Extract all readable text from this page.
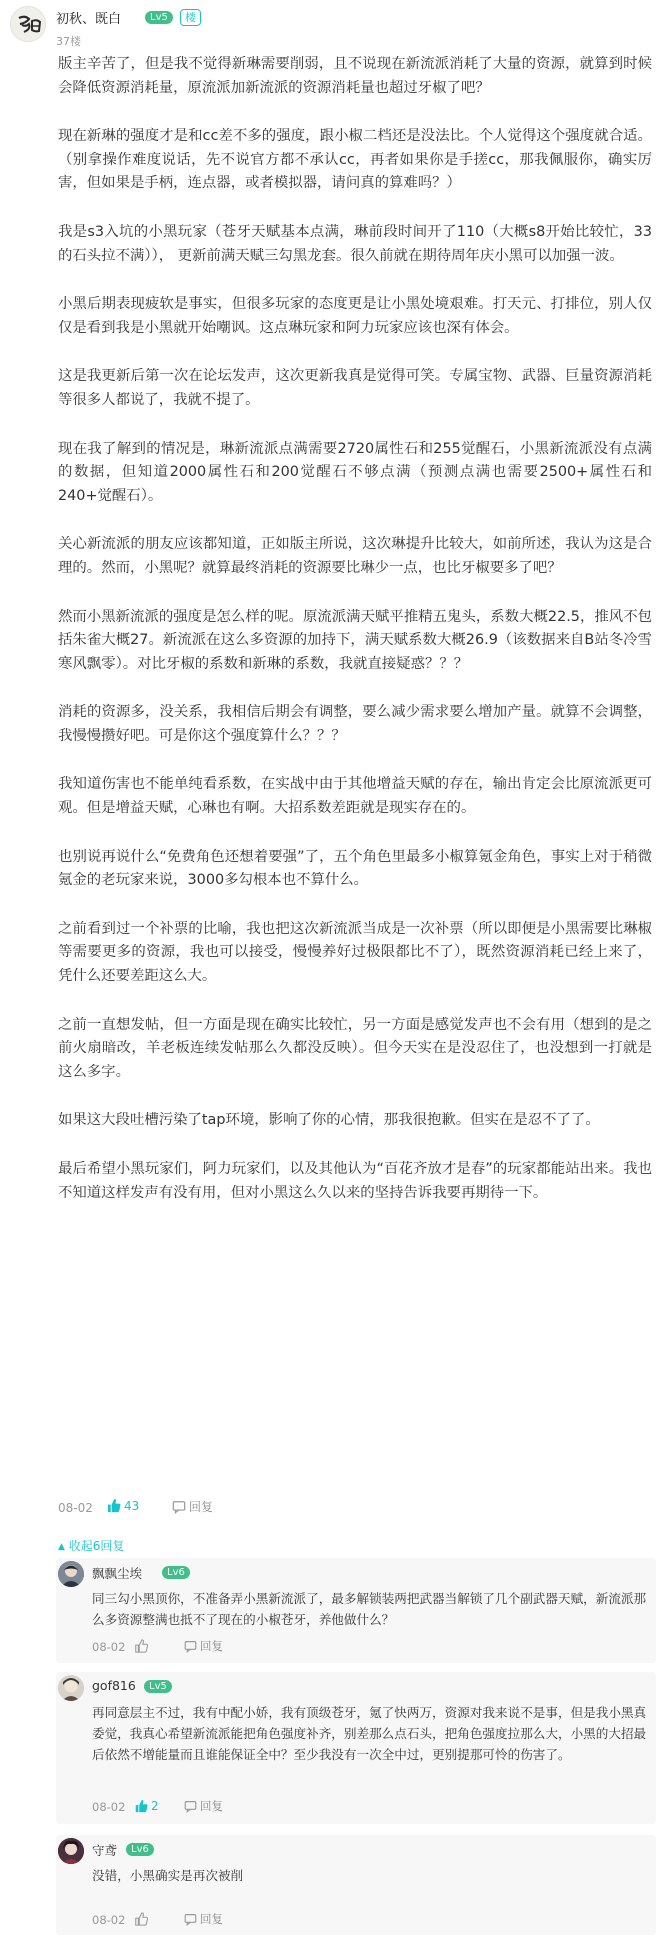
初秋、既白	Lv5	楼
37楼

版主辛苦了，但是我不觉得新琳需要削弱，且不说现在新流派消耗了大量的资源，就算到时候会降低资源消耗量，原流派加新流派的资源消耗量也超过牙椒了吧？

现在新琳的强度才是和cc差不多的强度，跟小椒二档还是没法比。个人觉得这个强度就合适。（别拿操作难度说话，先不说官方都不承认cc，再者如果你是手搓cc，那我佩服你，确实厉害，但如果是手柄，连点器，或者模拟器，请问真的算难吗？）

我是s3入坑的小黑玩家（苍牙天赋基本点满，琳前段时间开了110（大概s8开始比较忙，33的石头拉不满））， 更新前满天赋三勾黑龙套。很久前就在期待周年庆小黑可以加强一波。

小黑后期表现疲软是事实，但很多玩家的态度更是让小黑处境艰难。打天元、打排位，别人仅仅是看到我是小黑就开始嘲讽。这点琳玩家和阿力玩家应该也深有体会。

这是我更新后第一次在论坛发声，这次更新我真是觉得可笑。专属宝物、武器、巨量资源消耗等很多人都说了，我就不提了。

现在我了解到的情况是，琳新流派点满需要2720属性石和255觉醒石，小黑新流派没有点满的数据，但知道2000属性石和200觉醒石不够点满（预测点满也需要2500+属性石和240+觉醒石）。

关心新流派的朋友应该都知道，正如版主所说，这次琳提升比较大，如前所述，我认为这是合理的。然而，小黑呢？就算最终消耗的资源要比琳少一点，也比牙椒要多了吧？

然而小黑新流派的强度是怎么样的呢。原流派满天赋平推精五鬼头，系数大概22.5，推风不包括朱雀大概27。新流派在这么多资源的加持下，满天赋系数大概26.9（该数据来自B站冬冷雪寒风飘零）。对比牙椒的系数和新琳的系数，我就直接疑惑？？？

消耗的资源多，没关系，我相信后期会有调整，要么减少需求要么增加产量。就算不会调整，我慢慢攒好吧。可是你这个强度算什么？？？

我知道伤害也不能单纯看系数，在实战中由于其他增益天赋的存在，输出肯定会比原流派更可观。但是增益天赋，心琳也有啊。大招系数差距就是现实存在的。

也别说再说什么“免费角色还想着要强”了，五个角色里最多小椒算氪金角色，事实上对于稍微氪金的老玩家来说，3000多勾根本也不算什么。

之前看到过一个补票的比喻，我也把这次新流派当成是一次补票（所以即便是小黑需要比琳椒等需要更多的资源，我也可以接受，慢慢养好过极限都比不了），既然资源消耗已经上来了，凭什么还要差距这么大。

之前一直想发帖，但一方面是现在确实比较忙，另一方面是感觉发声也不会有用（想到的是之前火扇暗改，羊老板连续发帖那么久都没反映）。但今天实在是没忍住了，也没想到一打就是这么多字。

如果这大段吐槽污染了tap环境，影响了你的心情，那我很抱歉。但实在是忍不了了。

最后希望小黑玩家们，阿力玩家们，以及其他认为“百花齐放才是春”的玩家都能站出来。我也不知道这样发声有没有用，但对小黑这么久以来的坚持告诉我要再期待一下。

08-02	43	回复
▲ 收起6回复
飘飘尘埃	Lv6
同三勾小黑顶你，不准备弄小黑新流派了，最多解锁装两把武器当解锁了几个副武器天赋，新流派那么多资源整满也抵不了现在的小椒苍牙，养他做什么？
08-02	回复
gof816	Lv5
再同意层主不过，我有中配小娇，我有顶级苍牙，氪了快两万，资源对我来说不是事，但是我小黑真委觉，我真心希望新流派能把角色强度补齐，别差那么点石头，把角色强度拉那么大，小黑的大招最后依然不增能量而且谁能保证全中？至少我没有一次全中过，更别提那可怜的伤害了。
08-02	2	回复
守鸢	Lv6
没错，小黑确实是再次被削
08-02	回复
